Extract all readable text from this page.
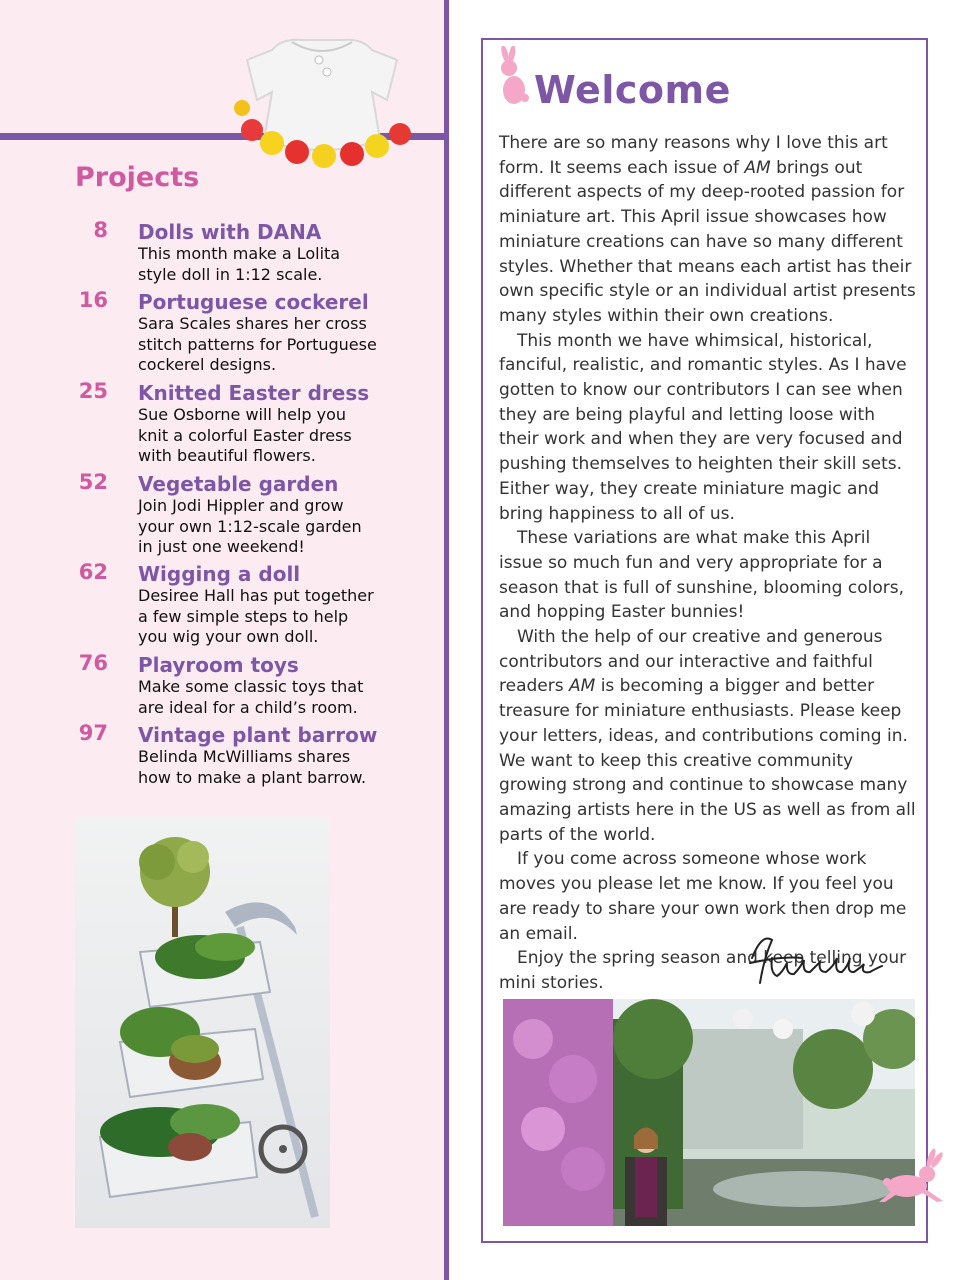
Projects
8 Dolls with DANA
This month make a Lolita style doll in 1:12 scale.
16 Portuguese cockerel
Sara Scales shares her cross stitch patterns for Portuguese cockerel designs.
25 Knitted Easter dress
Sue Osborne will help you knit a colorful Easter dress with beautiful flowers.
52 Vegetable garden
Join Jodi Hippler and grow your own 1:12-scale garden in just one weekend!
62 Wigging a doll
Desiree Hall has put together a few simple steps to help you wig your own doll.
76 Playroom toys
Make some classic toys that are ideal for a child’s room.
97 Vintage plant barrow
Belinda McWilliams shares how to make a plant barrow.
Welcome

There are so many reasons why I love this art form. It seems each issue of AM brings out different aspects of my deep-rooted passion for miniature art. This April issue showcases how miniature creations can have so many different styles. Whether that means each artist has their own specific style or an individual artist presents many styles within their own creations.

This month we have whimsical, historical, fanciful, realistic, and romantic styles. As I have gotten to know our contributors I can see when they are being playful and letting loose with their work and when they are very focused and pushing themselves to heighten their skill sets. Either way, they create miniature magic and bring happiness to all of us.

These variations are what make this April issue so much fun and very appropriate for a season that is full of sunshine, blooming colors, and hopping Easter bunnies!

With the help of our creative and generous contributors and our interactive and faithful readers AM is becoming a bigger and better treasure for miniature enthusiasts. Please keep your letters, ideas, and contributions coming in. We want to keep this creative community growing strong and continue to showcase many amazing artists here in the US as well as from all parts of the world.

If you come across someone whose work moves you please let me know. If you feel you are ready to share your own work then drop me an email.

Enjoy the spring season and keep telling your mini stories.
